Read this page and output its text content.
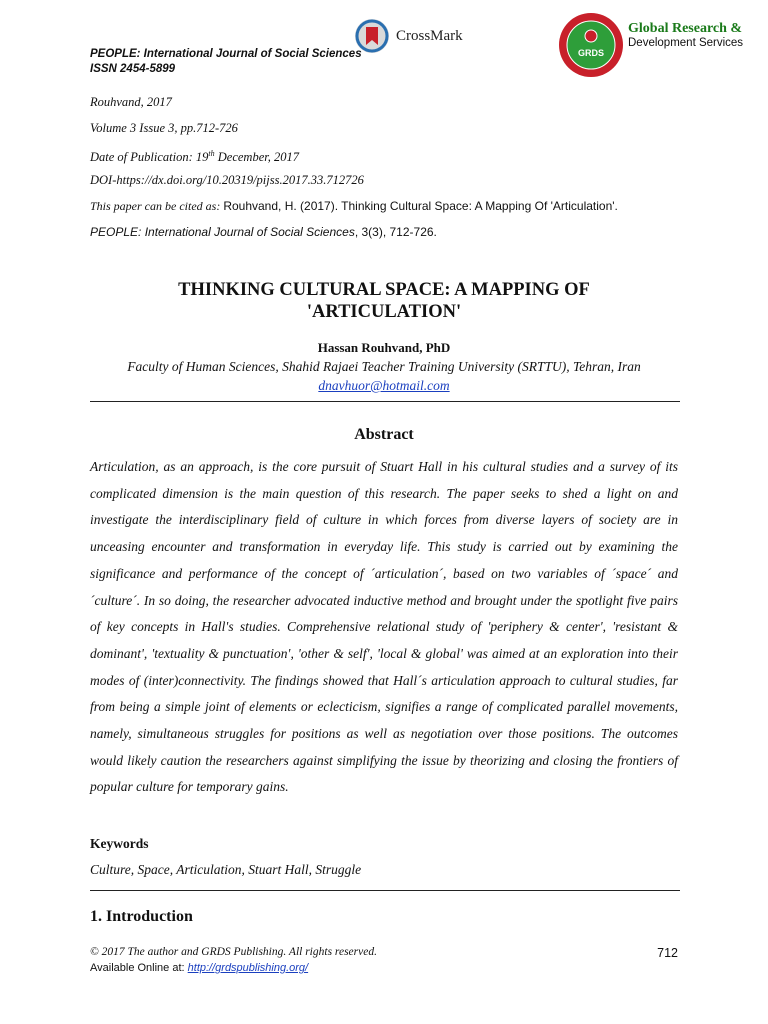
PEOPLE: International Journal of Social Sciences
ISSN 2454-5899
CrossMark
GRDS
Global Research &
Development Services
Rouhvand, 2017
Volume 3 Issue 3, pp.712-726
Date of Publication: 19th December, 2017
DOI-https://dx.doi.org/10.20319/pijss.2017.33.712726
This paper can be cited as: Rouhvand, H. (2017). Thinking Cultural Space: A Mapping Of 'Articulation'.
PEOPLE: International Journal of Social Sciences, 3(3), 712-726.
THINKING CULTURAL SPACE: A MAPPING OF
'ARTICULATION'
Hassan Rouhvand, PhD
Faculty of Human Sciences, Shahid Rajaei Teacher Training University (SRTTU), Tehran, Iran
dnavhuor@hotmail.com
Abstract
Articulation, as an approach, is the core pursuit of Stuart Hall in his cultural studies and a survey of its complicated dimension is the main question of this research. The paper seeks to shed a light on and investigate the interdisciplinary field of culture in which forces from diverse layers of society are in unceasing encounter and transformation in everyday life. This study is carried out by examining the significance and performance of the concept of ´articulation´, based on two variables of ´space´ and ´culture´. In so doing, the researcher advocated inductive method and brought under the spotlight five pairs of key concepts in Hall's studies. Comprehensive relational study of 'periphery & center', 'resistant & dominant', 'textuality & punctuation', 'other & self', 'local & global' was aimed at an exploration into their modes of (inter)connectivity. The findings showed that Hall´s articulation approach to cultural studies, far from being a simple joint of elements or eclecticism, signifies a range of complicated parallel movements, namely, simultaneous struggles for positions as well as negotiation over those positions. The outcomes would likely caution the researchers against simplifying the issue by theorizing and closing the frontiers of popular culture for temporary gains.
Keywords
Culture, Space, Articulation, Stuart Hall, Struggle
1. Introduction
© 2017 The author and GRDS Publishing. All rights reserved.
Available Online at: http://grdspublishing.org/
712
